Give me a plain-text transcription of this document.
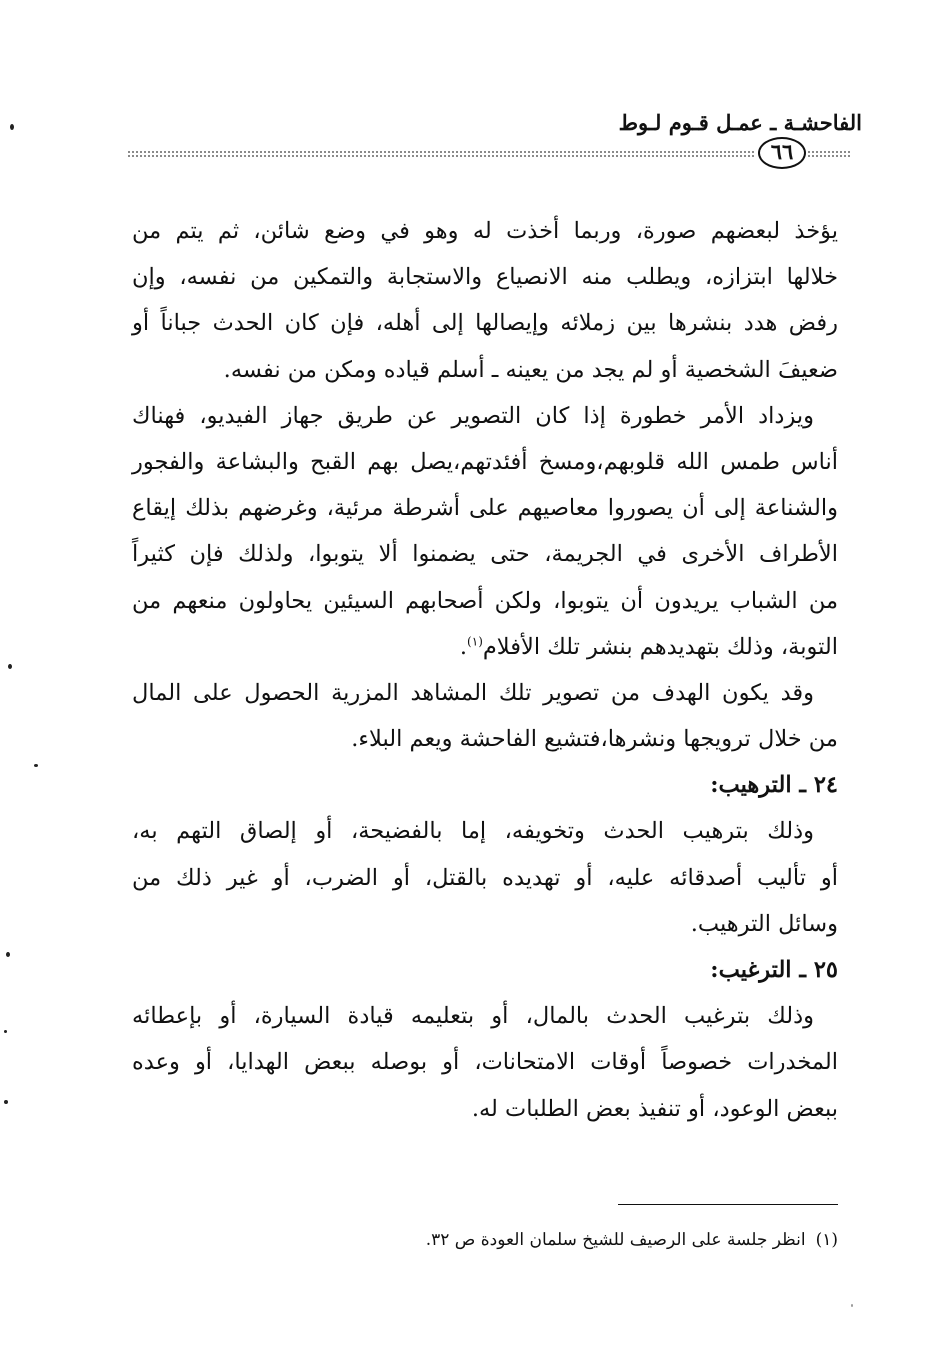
الفاحشـة ـ عمـل قـوم لـوط
٦٦
يؤخذ لبعضهم صورة، وربما أخذت له وهو في وضع شائن، ثم يتم من
خلالها ابتزازه، ويطلب منه الانصياع والاستجابة والتمكين من نفسه، وإن
رفض هدد بنشرها بين زملائه وإيصالها إلى أهله، فإن كان الحدث جباناً أو
ضعيفَ الشخصية أو لم يجد من يعينه ـ أسلم قياده ومكن من نفسه.
ويزداد الأمر خطورة إذا كان التصوير عن طريق جهاز الفيديو، فهناك
أناس طمس الله قلوبهم،ومسخ أفئدتهم،يصل بهم القبح والبشاعة والفجور
والشناعة إلى أن يصوروا معاصيهم على أشرطة مرئية، وغرضهم بذلك إيقاع
الأطراف الأخرى في الجريمة، حتى يضمنوا ألا يتوبوا، ولذلك فإن كثيراً
من الشباب يريدون أن يتوبوا، ولكن أصحابهم السيئين يحاولون منعهم من
التوبة، وذلك بتهديدهم بنشر تلك الأفلام$^{(١)}$.
وقد يكون الهدف من تصوير تلك المشاهد المزرية الحصول على المال
من خلال ترويجها ونشرها،فتشيع الفاحشة ويعم البلاء.
٢٤ ـ الترهيب:
وذلك بترهيب الحدث وتخويفه، إما بالفضيحة، أو إلصاق التهم به،
أو تأليب أصدقائه عليه، أو تهديده بالقتل، أو الضرب، أو غير ذلك من
وسائل الترهيب.
٢٥ ـ الترغيب:
وذلك بترغيب الحدث بالمال، أو بتعليمه قيادة السيارة، أو بإعطائه
المخدرات خصوصاً أوقات الامتحانات، أو بوصله ببعض الهدايا، أو وعده
ببعض الوعود، أو تنفيذ بعض الطلبات له.
(١)انظر جلسة على الرصيف للشيخ سلمان العودة ص ٣٢.
